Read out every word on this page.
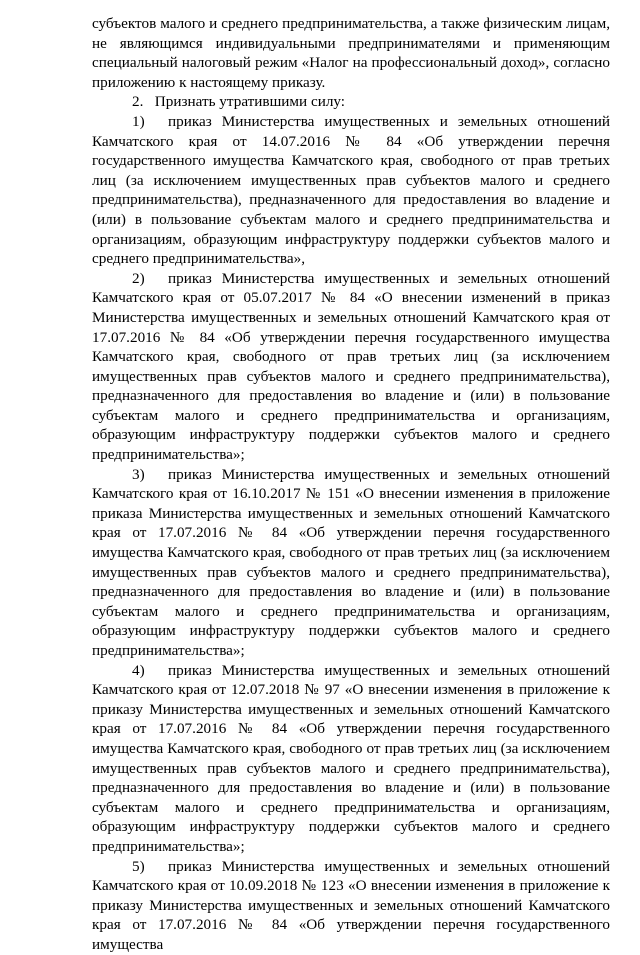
субъектов малого и среднего предпринимательства, а также физическим лицам, не являющимся индивидуальными предпринимателями и применяющим специальный налоговый режим «Налог на профессиональный доход», согласно приложению к настоящему приказу.

2. Признать утратившими силу:

1) приказ Министерства имущественных и земельных отношений Камчатского края от 14.07.2016 № 84 «Об утверждении перечня государственного имущества Камчатского края, свободного от прав третьих лиц (за исключением имущественных прав субъектов малого и среднего предпринимательства), предназначенного для предоставления во владение и (или) в пользование субъектам малого и среднего предпринимательства и организациям, образующим инфраструктуру поддержки субъектов малого и среднего предпринимательства»,

2) приказ Министерства имущественных и земельных отношений Камчатского края от 05.07.2017 № 84 «О внесении изменений в приказ Министерства имущественных и земельных отношений Камчатского края от 17.07.2016 № 84 «Об утверждении перечня государственного имущества Камчатского края, свободного от прав третьих лиц (за исключением имущественных прав субъектов малого и среднего предпринимательства), предназначенного для предоставления во владение и (или) в пользование субъектам малого и среднего предпринимательства и организациям, образующим инфраструктуру поддержки субъектов малого и среднего предпринимательства»;

3) приказ Министерства имущественных и земельных отношений Камчатского края от 16.10.2017 № 151 «О внесении изменения в приложение приказа Министерства имущественных и земельных отношений Камчатского края от 17.07.2016 № 84 «Об утверждении перечня государственного имущества Камчатского края, свободного от прав третьих лиц (за исключением имущественных прав субъектов малого и среднего предпринимательства), предназначенного для предоставления во владение и (или) в пользование субъектам малого и среднего предпринимательства и организациям, образующим инфраструктуру поддержки субъектов малого и среднего предпринимательства»;

4) приказ Министерства имущественных и земельных отношений Камчатского края от 12.07.2018 № 97 «О внесении изменения в приложение к приказу Министерства имущественных и земельных отношений Камчатского края от 17.07.2016 № 84 «Об утверждении перечня государственного имущества Камчатского края, свободного от прав третьих лиц (за исключением имущественных прав субъектов малого и среднего предпринимательства), предназначенного для предоставления во владение и (или) в пользование субъектам малого и среднего предпринимательства и организациям, образующим инфраструктуру поддержки субъектов малого и среднего предпринимательства»;

5) приказ Министерства имущественных и земельных отношений Камчатского края от 10.09.2018 № 123 «О внесении изменения в приложение к приказу Министерства имущественных и земельных отношений Камчатского края от 17.07.2016 № 84 «Об утверждении перечня государственного имущества
